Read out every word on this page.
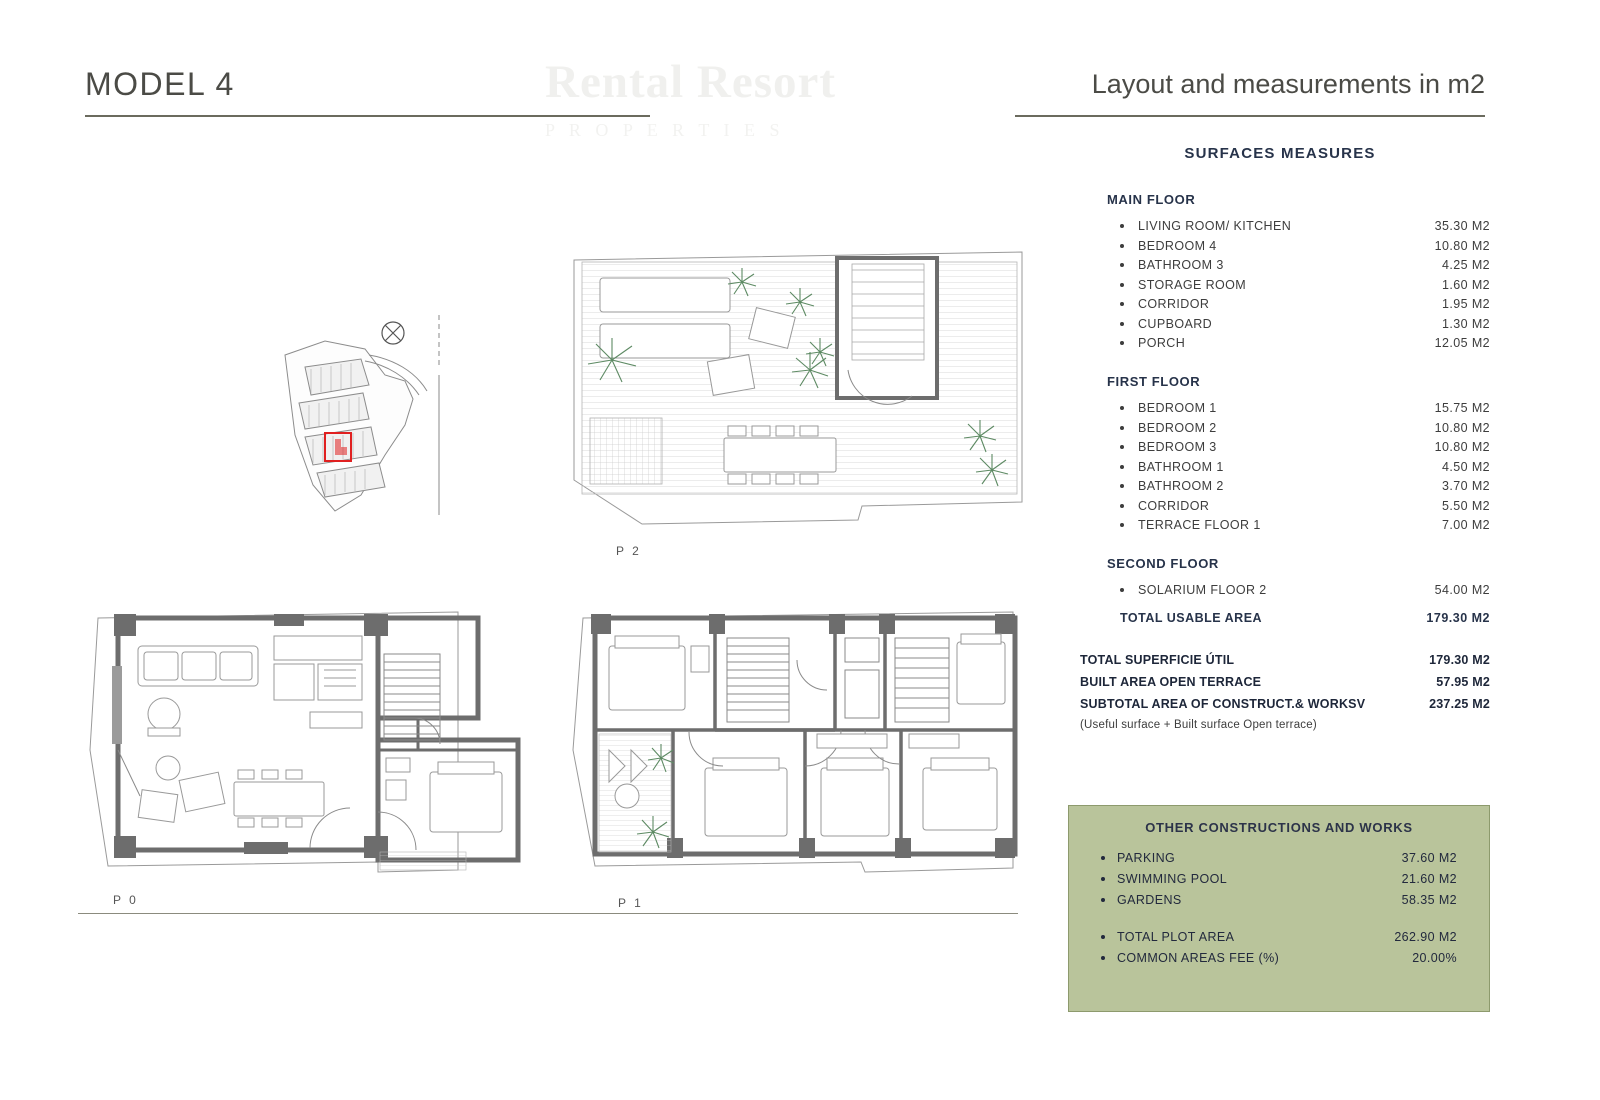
MODEL 4	Layout and measurements in m2
Rental Resort
P R O P E R T I E S
P 2
P 0	P 1
SURFACES MEASURES
MAIN FLOOR
LIVING ROOM/ KITCHEN	35.30 M2
BEDROOM 4	10.80 M2
BATHROOM 3	4.25 M2
STORAGE ROOM	1.60 M2
CORRIDOR	1.95 M2
CUPBOARD	1.30 M2
PORCH	12.05 M2
FIRST FLOOR
BEDROOM 1	15.75 M2
BEDROOM 2	10.80 M2
BEDROOM 3	10.80 M2
BATHROOM 1	4.50 M2
BATHROOM 2	3.70 M2
CORRIDOR	5.50 M2
TERRACE FLOOR 1	7.00 M2
SECOND FLOOR
SOLARIUM FLOOR 2	54.00 M2
TOTAL USABLE AREA	179.30 M2
TOTAL SUPERFICIE ÚTIL	179.30 M2
BUILT AREA OPEN TERRACE	57.95 M2
SUBTOTAL AREA OF CONSTRUCT.& WORKSV	237.25 M2
(Useful surface + Built surface Open terrace)
OTHER CONSTRUCTIONS AND WORKS
PARKING	37.60 M2
SWIMMING POOL	21.60 M2
GARDENS	58.35 M2
TOTAL PLOT AREA	262.90 M2
COMMON AREAS FEE (%)	20.00%
